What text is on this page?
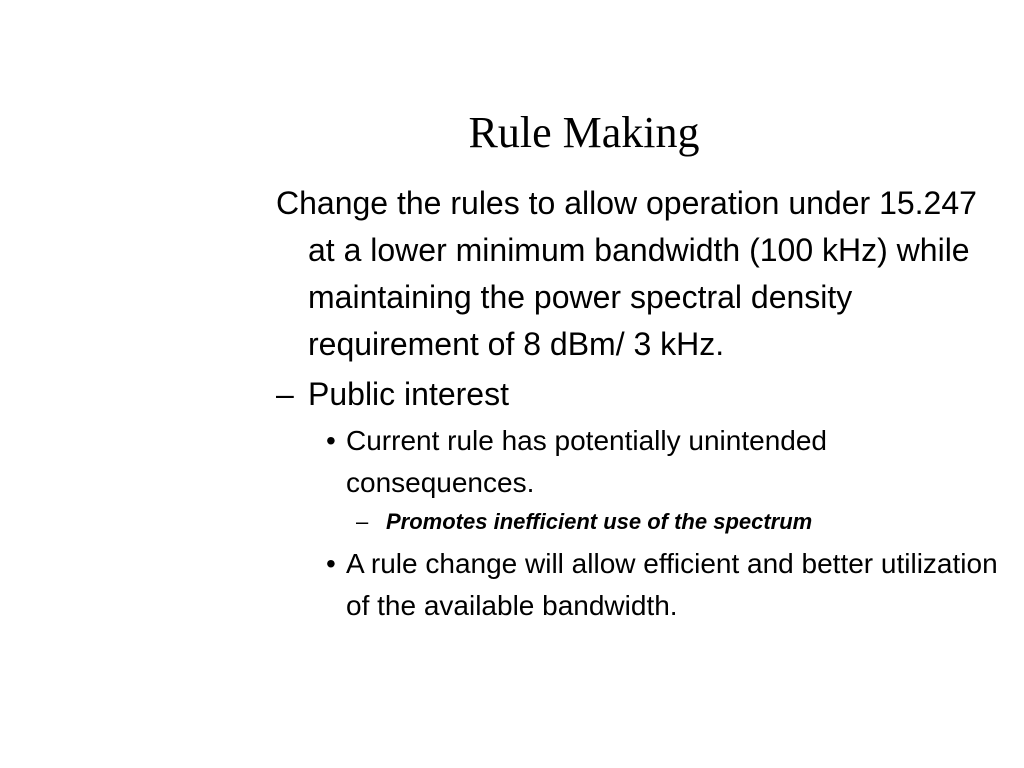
Rule Making

Change the rules to allow operation under 15.247 at a lower minimum bandwidth (100 kHz) while maintaining the power spectral density requirement of 8 dBm/ 3 kHz.

– Public interest
• Current rule has potentially unintended consequences.
– Promotes inefficient use of the spectrum
• A rule change will allow efficient and better utilization of the available bandwidth.
